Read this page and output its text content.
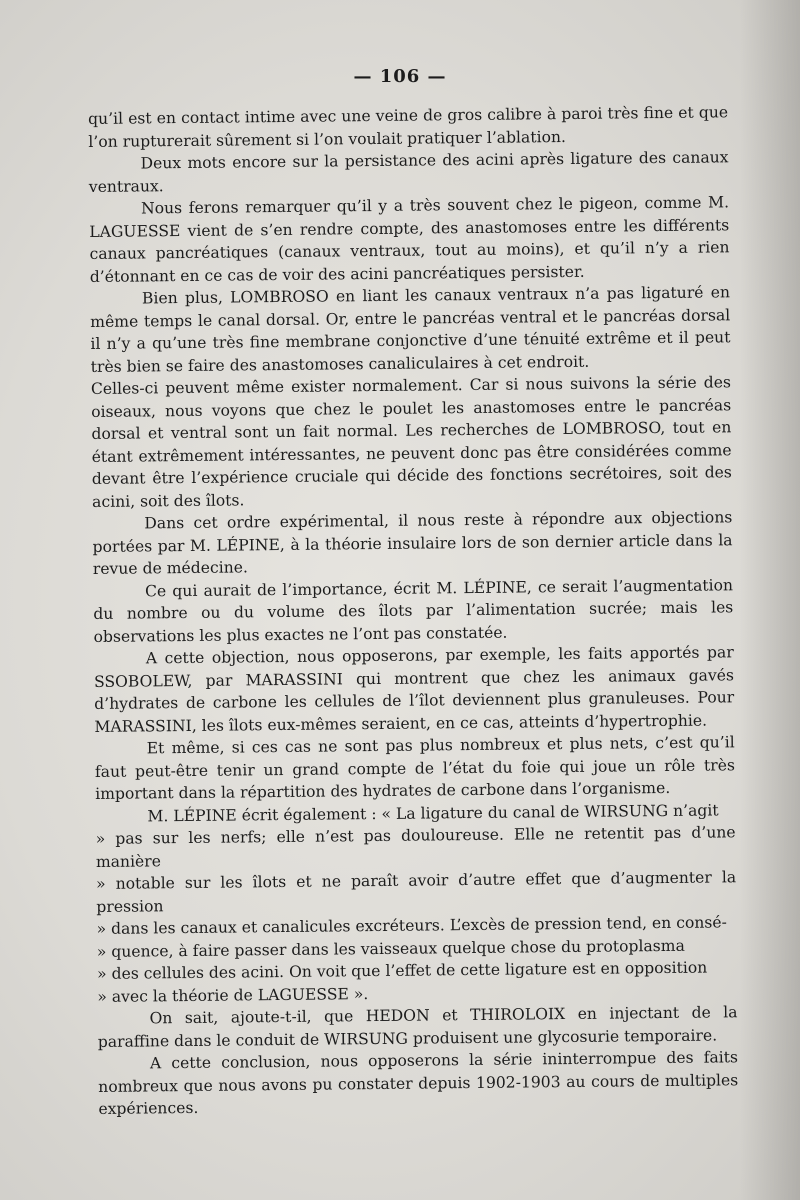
— 106 —

qu’il est en contact intime avec une veine de gros calibre à paroi très fine et que l’on rupturerait sûrement si l’on voulait pratiquer l’ablation.

Deux mots encore sur la persistance des acini après ligature des canaux ventraux.

Nous ferons remarquer qu’il y a très souvent chez le pigeon, comme M. LAGUESSE vient de s’en rendre compte, des anastomoses entre les différents canaux pancréatiques (canaux ventraux, tout au moins), et qu’il n’y a rien d’étonnant en ce cas de voir des acini pancréatiques persister.

Bien plus, LOMBROSO en liant les canaux ventraux n’a pas ligaturé en même temps le canal dorsal. Or, entre le pancréas ventral et le pancréas dorsal il n’y a qu’une très fine membrane conjonctive d’une ténuité extrême et il peut très bien se faire des anastomoses canaliculaires à cet endroit.

Celles-ci peuvent même exister normalement. Car si nous suivons la série des oiseaux, nous voyons que chez le poulet les anastomoses entre le pancréas dorsal et ventral sont un fait normal. Les recherches de LOMBROSO, tout en étant extrêmement intéressantes, ne peuvent donc pas être considérées comme devant être l’expérience cruciale qui décide des fonctions secrétoires, soit des acini, soit des îlots.

Dans cet ordre expérimental, il nous reste à répondre aux objections portées par M. LÉPINE, à la théorie insulaire lors de son dernier article dans la revue de médecine.

Ce qui aurait de l’importance, écrit M. LÉPINE, ce serait l’augmentation du nombre ou du volume des îlots par l’alimentation sucrée; mais les observations les plus exactes ne l’ont pas constatée.

A cette objection, nous opposerons, par exemple, les faits apportés par SSOBOLEW, par MARASSINI qui montrent que chez les animaux gavés d’hydrates de carbone les cellules de l’îlot deviennent plus granuleuses. Pour MARASSINI, les îlots eux-mêmes seraient, en ce cas, atteints d’hypertrophie.

Et même, si ces cas ne sont pas plus nombreux et plus nets, c’est qu’il faut peut-être tenir un grand compte de l’état du foie qui joue un rôle très important dans la répartition des hydrates de carbone dans l’organisme.

M. LÉPINE écrit également : « La ligature du canal de WIRSUNG n’agit

» pas sur les nerfs; elle n’est pas douloureuse. Elle ne retentit pas d’une manière
» notable sur les îlots et ne paraît avoir d’autre effet que d’augmenter la pression
» dans les canaux et canalicules excréteurs. L’excès de pression tend, en consé-
» quence, à faire passer dans les vaisseaux quelque chose du protoplasma
» des cellules des acini. On voit que l’effet de cette ligature est en opposition
» avec la théorie de LAGUESSE ».

On sait, ajoute-t-il, que HEDON et THIROLOIX en injectant de la paraffine dans le conduit de WIRSUNG produisent une glycosurie temporaire.

A cette conclusion, nous opposerons la série ininterrompue des faits nombreux que nous avons pu constater depuis 1902-1903 au cours de multiples expériences.
